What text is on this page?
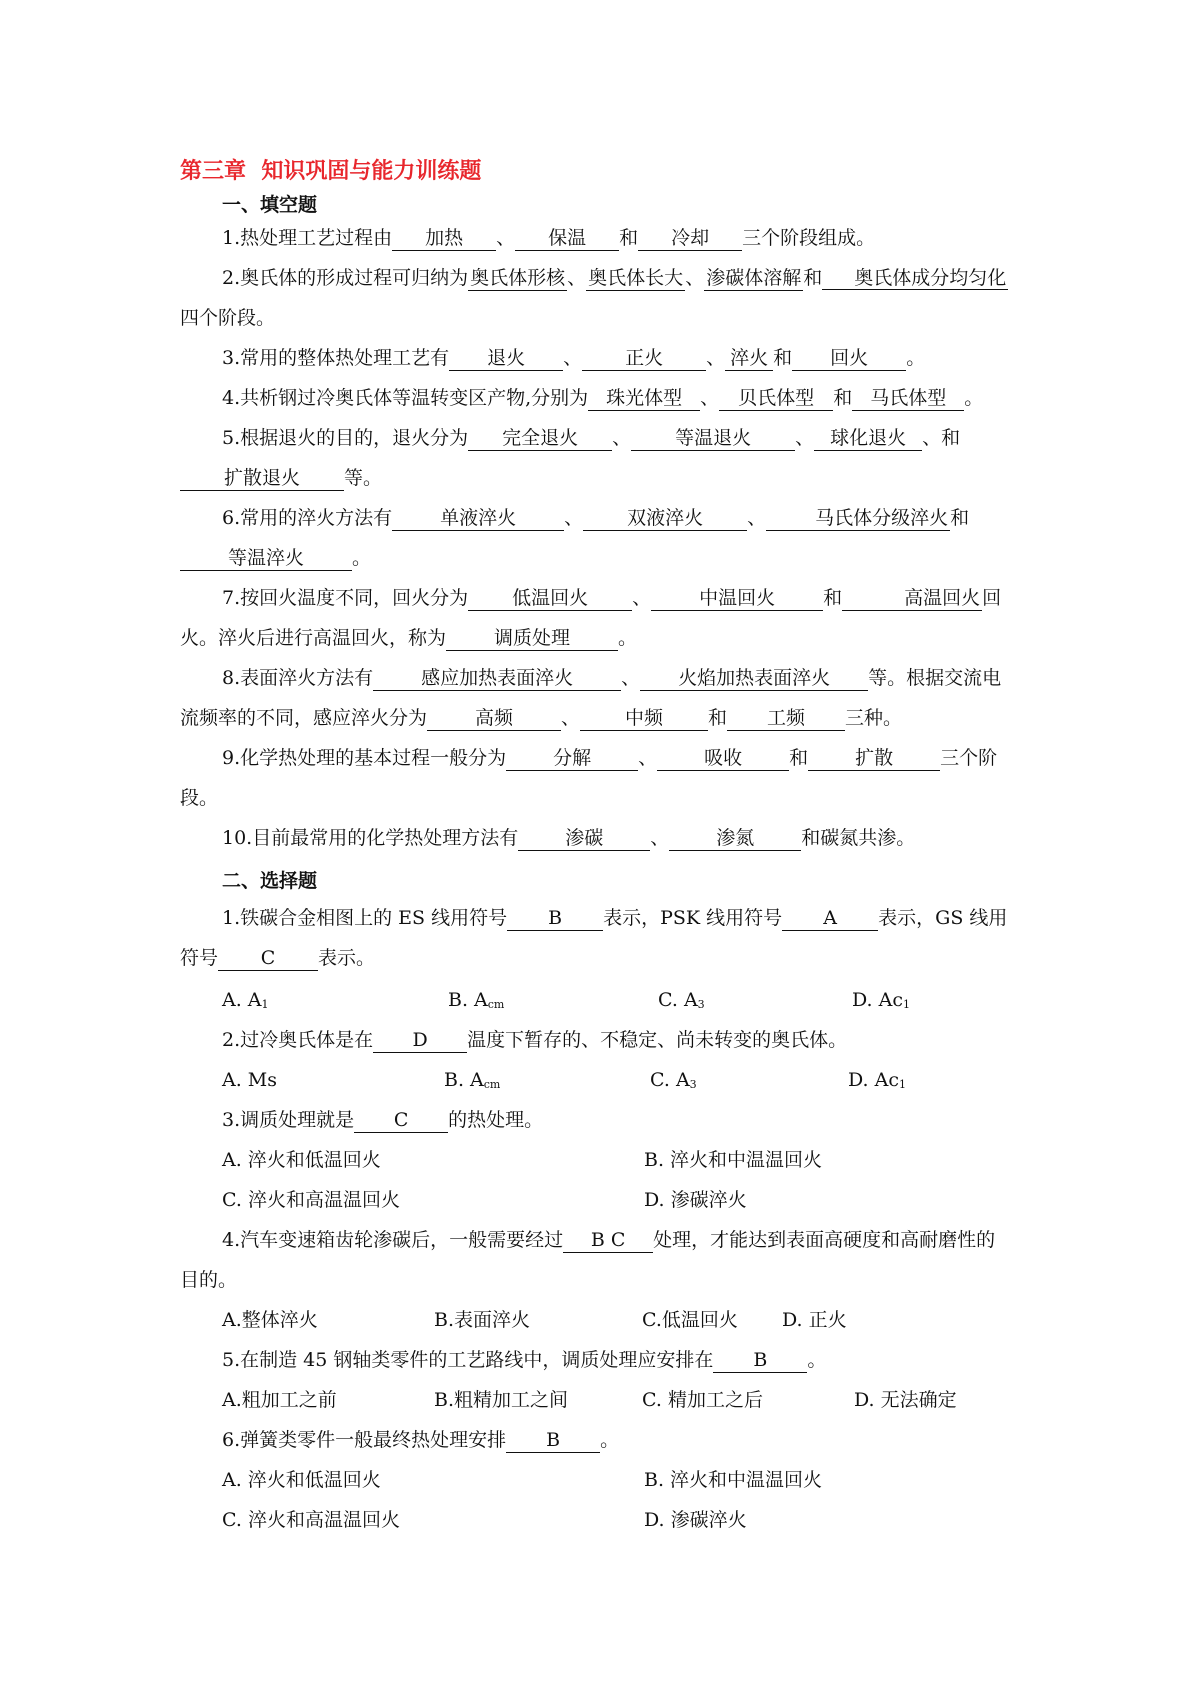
第三章  知识巩固与能力训练题
一、填空题

1.热处理工艺过程由 加热 、 保温 和 冷却 三个阶段组成。

2.奥氏体的形成过程可归纳为 奥氏体形核 、 奥氏体长大 、 渗碳体溶解 和 奥氏体成分均匀化四个阶段。

3.常用的整体热处理工艺有 退火 、 正火 、 淬火 和 回火 。

4.共析钢过冷奥氏体等温转变区产物,分别为 珠光体型 、 贝氏体型 和 马氏体型 。

5.根据退火的目的，退火分为 完全退火 、 等温退火 、 球化退火 、和扩散退火 等。

6.常用的淬火方法有	单液淬火	、 双液淬火 、	马氏体分级淬火 和等温淬火	。

7.按回火温度不同，回火分为 低温回火 、	中温回火	和	高温回火 回火。淬火后进行高温回火，称为	调质处理	。

8.表面淬火方法有	感应加热表面淬火	、 火焰加热表面淬火 等。根据交流电流频率的不同，感应淬火分为	高频	、 中频 和 工频 三种。

9.化学热处理的基本过程一般分为 分解 、 吸收 和 扩散 三个阶段。

10.目前最常用的化学热处理方法有 渗碳 、 渗氮 和碳氮共渗。

二、选择题

1.铁碳合金相图上的 ES 线用符号 B 表示，PSK 线用符号 A 表示，GS 线用符号 C 表示。

A. $A_1$	B. $A_{cm}$	C. $A_3$	D. $Ac_1$

2.过冷奥氏体是在 D 温度下暂存的、不稳定、尚未转变的奥氏体。

A. Ms	B. $A_{cm}$	C. $A_3$	D. $Ac_1$

3.调质处理就是 C 的热处理。

A. 淬火和低温回火	B. 淬火和中温温回火
C. 淬火和高温温回火	D. 渗碳淬火

4.汽车变速箱齿轮渗碳后，一般需要经过 B C 处理，才能达到表面高硬度和高耐磨性的目的。

A.整体淬火	B.表面淬火	C.低温回火 D. 正火

5.在制造 45 钢轴类零件的工艺路线中，调质处理应安排在 B 。

A.粗加工之前	B.粗精加工之间	C. 精加工之后	D. 无法确定

6.弹簧类零件一般最终热处理安排 B 。

A. 淬火和低温回火	B. 淬火和中温温回火
C. 淬火和高温温回火	D. 渗碳淬火
